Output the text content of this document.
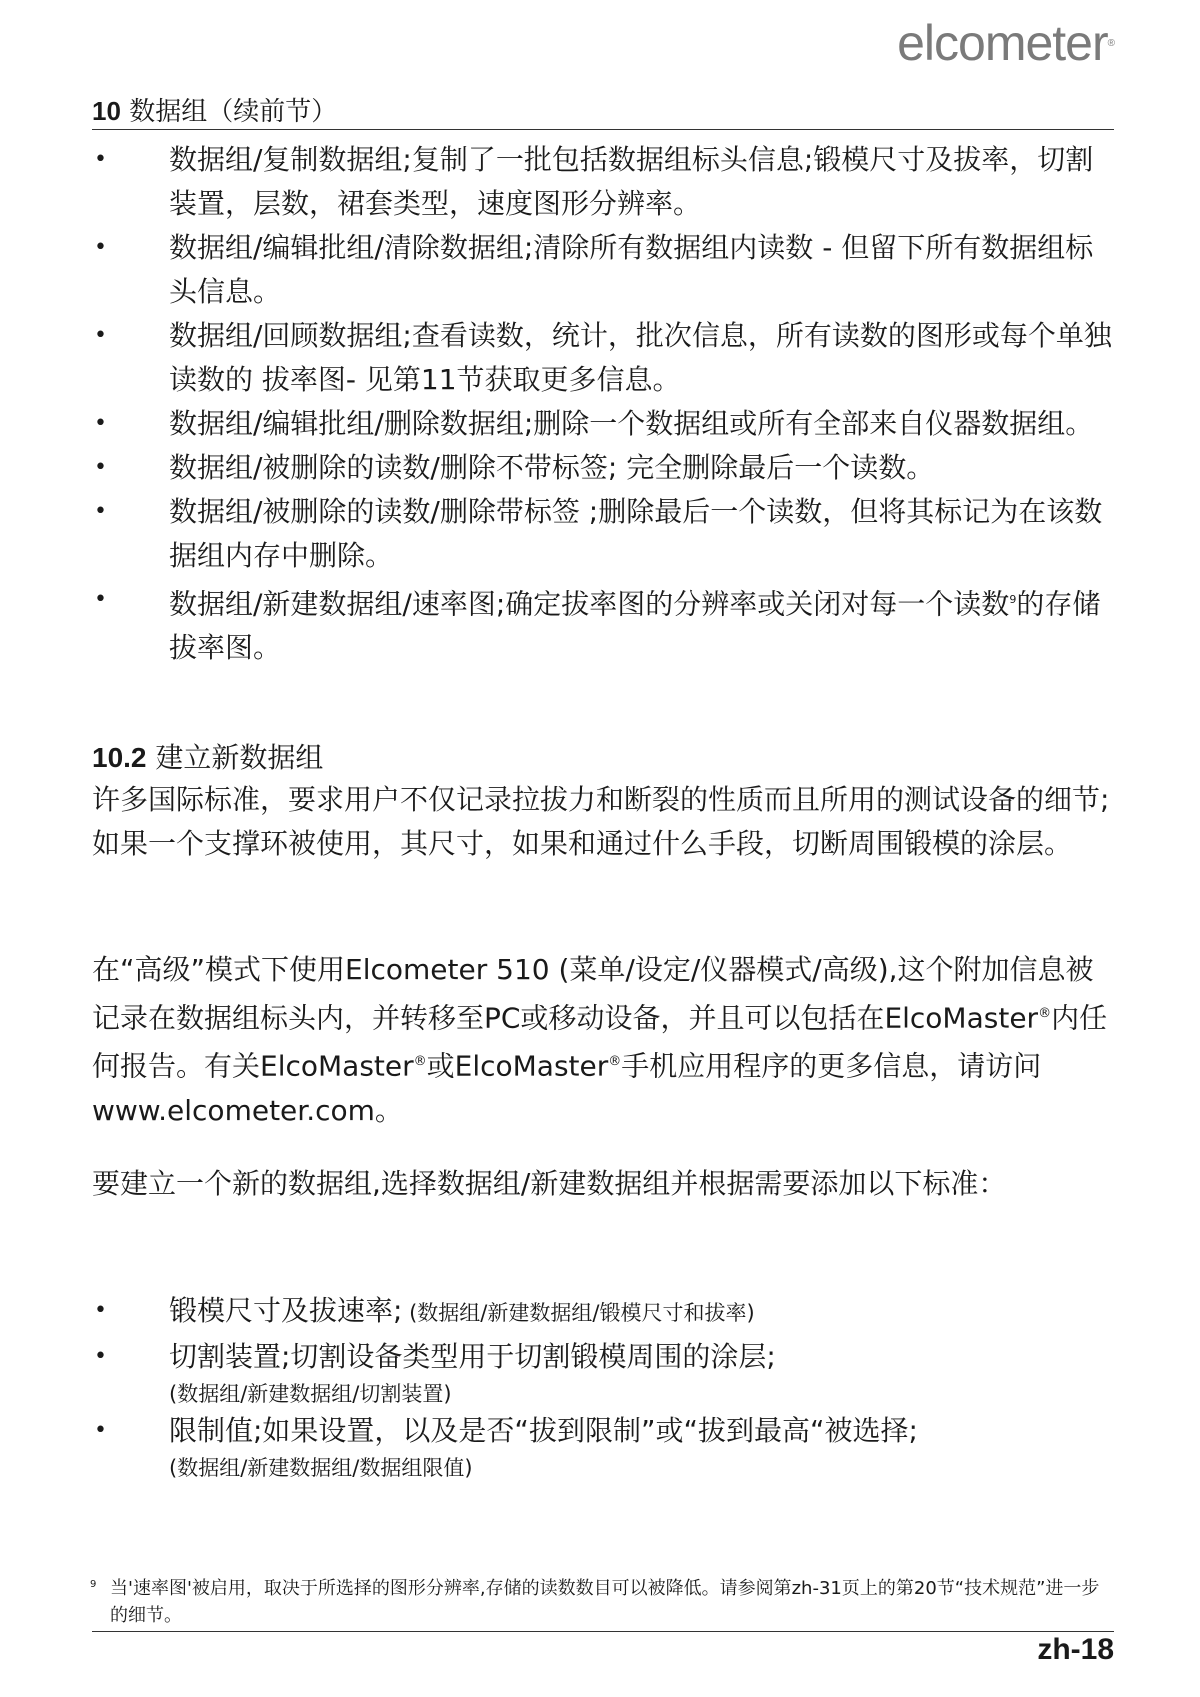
elcometer®
10 数据组（续前节）
• 数据组/复制数据组;复制了一批包括数据组标头信息;锻模尺寸及拔率，切割装置，层数，裙套类型，速度图形分辨率。
• 数据组/编辑批组/清除数据组;清除所有数据组内读数 - 但留下所有数据组标头信息。
• 数据组/回顾数据组;查看读数，统计，批次信息，所有读数的图形或每个单独读数的 拔率图- 见第11节获取更多信息。
• 数据组/编辑批组/删除数据组;删除一个数据组或所有全部来自仪器数据组。
• 数据组/被删除的读数/删除不带标签; 完全删除最后一个读数。
• 数据组/被删除的读数/删除带标签 ;删除最后一个读数，但将其标记为在该数据组内存中删除。
• 数据组/新建数据组/速率图;确定拔率图的分辨率或关闭对每一个读数$^9$的存储拔率图。
10.2 建立新数据组

许多国际标准，要求用户不仅记录拉拔力和断裂的性质而且所用的测试设备的细节;如果一个支撑环被使用，其尺寸，如果和通过什么手段，切断周围锻模的涂层。

在“高级”模式下使用Elcometer 510 (菜单/设定/仪器模式/高级),这个附加信息被记录在数据组标头内，并转移至PC或移动设备，并且可以包括在ElcoMaster®内任何报告。有关ElcoMaster®或ElcoMaster®手机应用程序的更多信息，请访问www.elcometer.com。

要建立一个新的数据组,选择数据组/新建数据组并根据需要添加以下标准：

• 锻模尺寸及拔速率; (数据组/新建数据组/锻模尺寸和拔率)
• 切割装置;切割设备类型用于切割锻模周围的涂层;
(数据组/新建数据组/切割装置)
• 限制值;如果设置，以及是否“拔到限制”或“拔到最高“被选择;
(数据组/新建数据组/数据组限值)
9 当'速率图'被启用，取决于所选择的图形分辨率,存储的读数数目可以被降低。请参阅第zh-31页上的第20节“技术规范”进一步的细节。
zh-18
